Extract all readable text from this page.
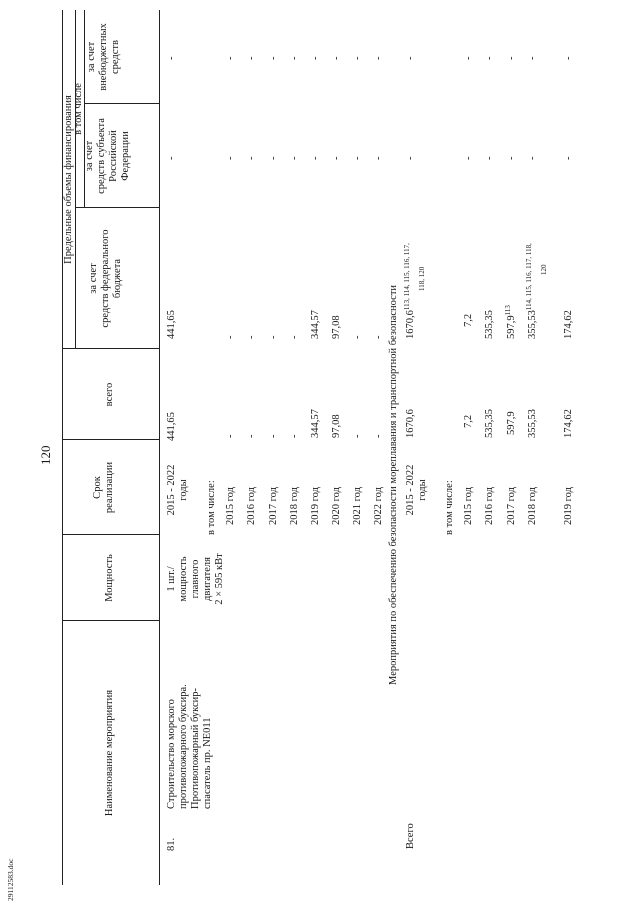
120
29112583.doc
Наименование мероприятия
Мощность
Срок реализации
всего
Предельные объемы финансирования в том числе
за счет средств федерального бюджета
за счет средств субъекта Российской Федерации
за счет внебюджетных средств
81.
Строительство морского противопожарного буксира. Противопожарный буксир- спасатель пр. NE011
1 шт./ мощность главного двигателя 2 × 595 кВт
2015 - 2022 годы
441,65
441,65
-
-
в том числе: 2015 год
-
-
-
-
2016 год
-
-
-
-
2017 год
-
-
-
-
2018 год
-
-
-
-
2019 год
344,57
344,57
-
-
2020 год
97,08
97,08
-
-
2021 год
-
-
-
-
2022 год
-
-
-
-
Мероприятия по обеспечению безопасности мореплавания и транспортной безопасности
Всего
2015 - 2022 годы
1670,6
$1670,6^{113, 114, 115, 116, 117,}$	118, 120
-
-
в том числе: 2015 год
7,2
7,2
-
-
2016 год
535,35
535,35
-
-
2017 год
597,9
597,9$^{113}$
-
-
2018 год
355,53
$355,53^{114, 115, 116, 117, 118,}$	120
-
-
2019 год
174,62
174,62
-
-
